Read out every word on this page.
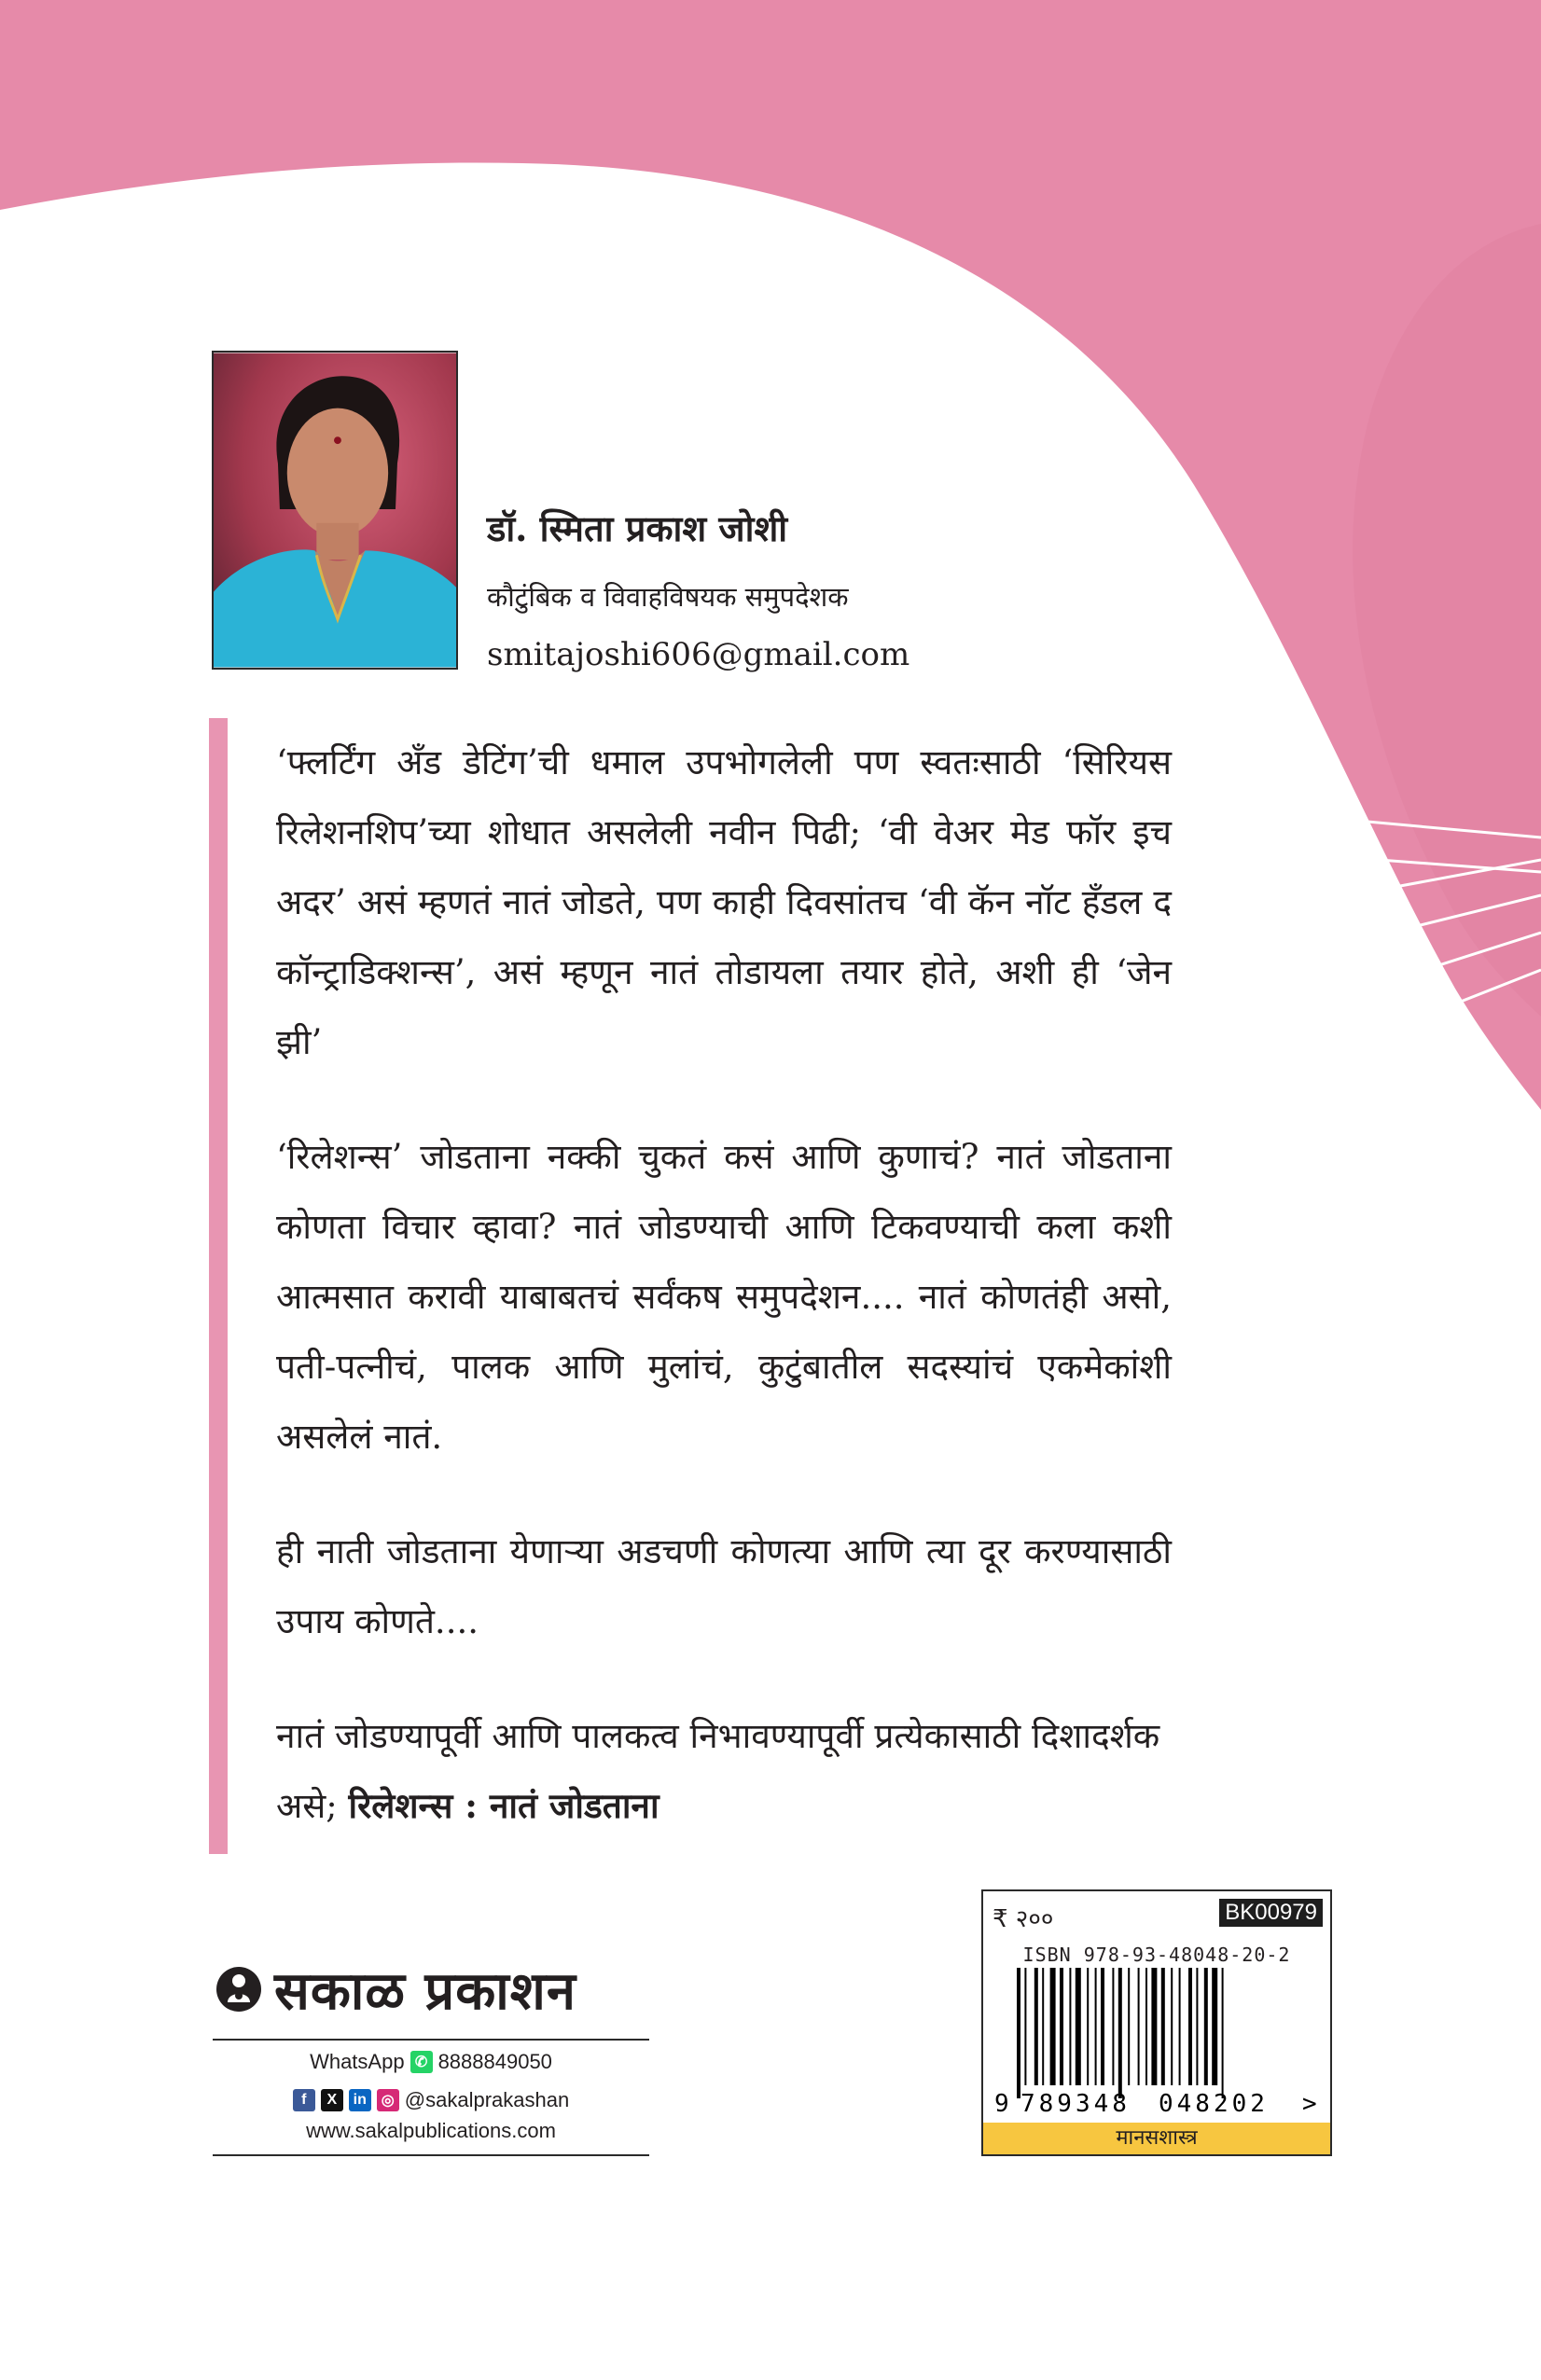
डॉ. स्मिता प्रकाश जोशी
कौटुंबिक व विवाहविषयक समुपदेशक
smitajoshi606@gmail.com

‘फ्लर्टिंग अँड डेटिंग’ची धमाल उपभोगलेली पण स्वतःसाठी ‘सिरियस रिलेशनशिप’च्या शोधात असलेली नवीन पिढी; ‘वी वेअर मेड फॉर इच अदर’ असं म्हणतं नातं जोडते, पण काही दिवसांतच ‘वी कॅन नॉट हँडल द कॉन्ट्राडिक्शन्स’, असं म्हणून नातं तोडायला तयार होते, अशी ही ‘जेन झी’

‘रिलेशन्स’ जोडताना नक्की चुकतं कसं आणि कुणाचं? नातं जोडताना कोणता विचार व्हावा? नातं जोडण्याची आणि टिकवण्याची कला कशी आत्मसात करावी याबाबतचं सर्वंकष समुपदेशन.... नातं कोणतंही असो, पती-पत्नीचं, पालक आणि मुलांचं, कुटुंबातील सदस्यांचं एकमेकांशी असलेलं नातं.

ही नाती जोडताना येणाऱ्या अडचणी कोणत्या आणि त्या दूर करण्यासाठी उपाय कोणते....

नातं जोडण्यापूर्वी आणि पालकत्व निभावण्यापूर्वी प्रत्येकासाठी दिशादर्शक असे; रिलेशन्स : नातं जोडताना

सकाळ प्रकाशन
WhatsApp ✆ 8888849050
f	X	in ◎ @sakalprakashan
www.sakalpublications.com
₹ २००	BK00979
ISBN 978-93-48048-20-2
9 789348 048202 >
मानसशास्त्र
